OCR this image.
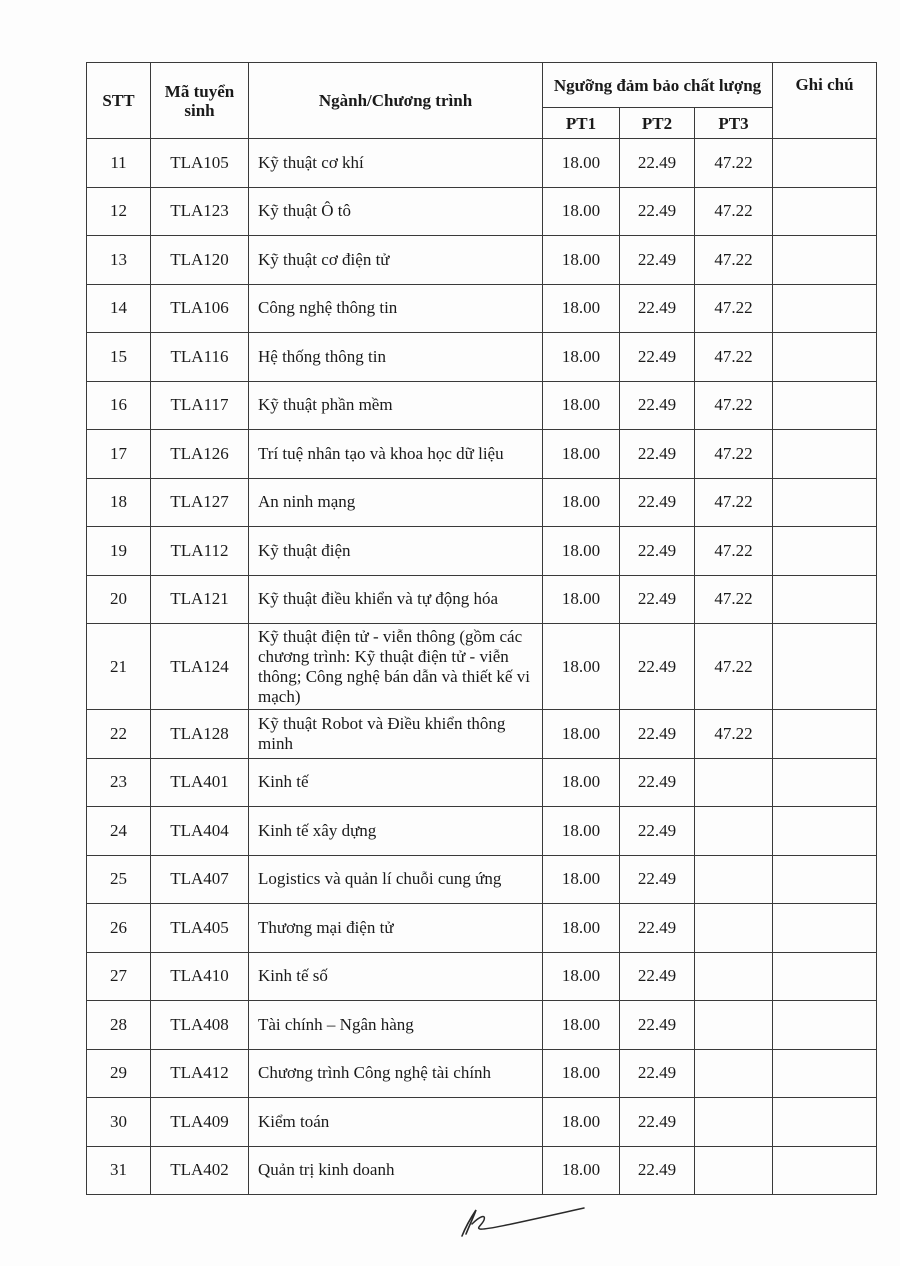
STT	Mã tuyển sinh	Ngành/Chương trình	Ngưỡng đảm bảo chất lượng			Ghi chú
			PT1	PT2	PT3	
11	TLA105	Kỹ thuật cơ khí	18.00	22.49	47.22	
12	TLA123	Kỹ thuật Ô tô	18.00	22.49	47.22	
13	TLA120	Kỹ thuật cơ điện tử	18.00	22.49	47.22	
14	TLA106	Công nghệ thông tin	18.00	22.49	47.22	
15	TLA116	Hệ thống thông tin	18.00	22.49	47.22	
16	TLA117	Kỹ thuật phần mềm	18.00	22.49	47.22	
17	TLA126	Trí tuệ nhân tạo và khoa học dữ liệu	18.00	22.49	47.22	
18	TLA127	An ninh mạng	18.00	22.49	47.22	
19	TLA112	Kỹ thuật điện	18.00	22.49	47.22	
20	TLA121	Kỹ thuật điều khiển và tự động hóa	18.00	22.49	47.22	
21	TLA124	Kỹ thuật điện tử - viễn thông (gồm các chương trình: Kỹ thuật điện tử - viễn thông; Công nghệ bán dẫn và thiết kế vi mạch)	18.00	22.49	47.22	
22	TLA128	Kỹ thuật Robot và Điều khiển thông minh	18.00	22.49	47.22	
23	TLA401	Kinh tế	18.00	22.49		
24	TLA404	Kinh tế xây dựng	18.00	22.49		
25	TLA407	Logistics và quản lí chuỗi cung ứng	18.00	22.49		
26	TLA405	Thương mại điện tử	18.00	22.49		
27	TLA410	Kinh tế số	18.00	22.49		
28	TLA408	Tài chính – Ngân hàng	18.00	22.49		
29	TLA412	Chương trình Công nghệ tài chính	18.00	22.49		
30	TLA409	Kiểm toán	18.00	22.49		
31	TLA402	Quản trị kinh doanh	18.00	22.49		
